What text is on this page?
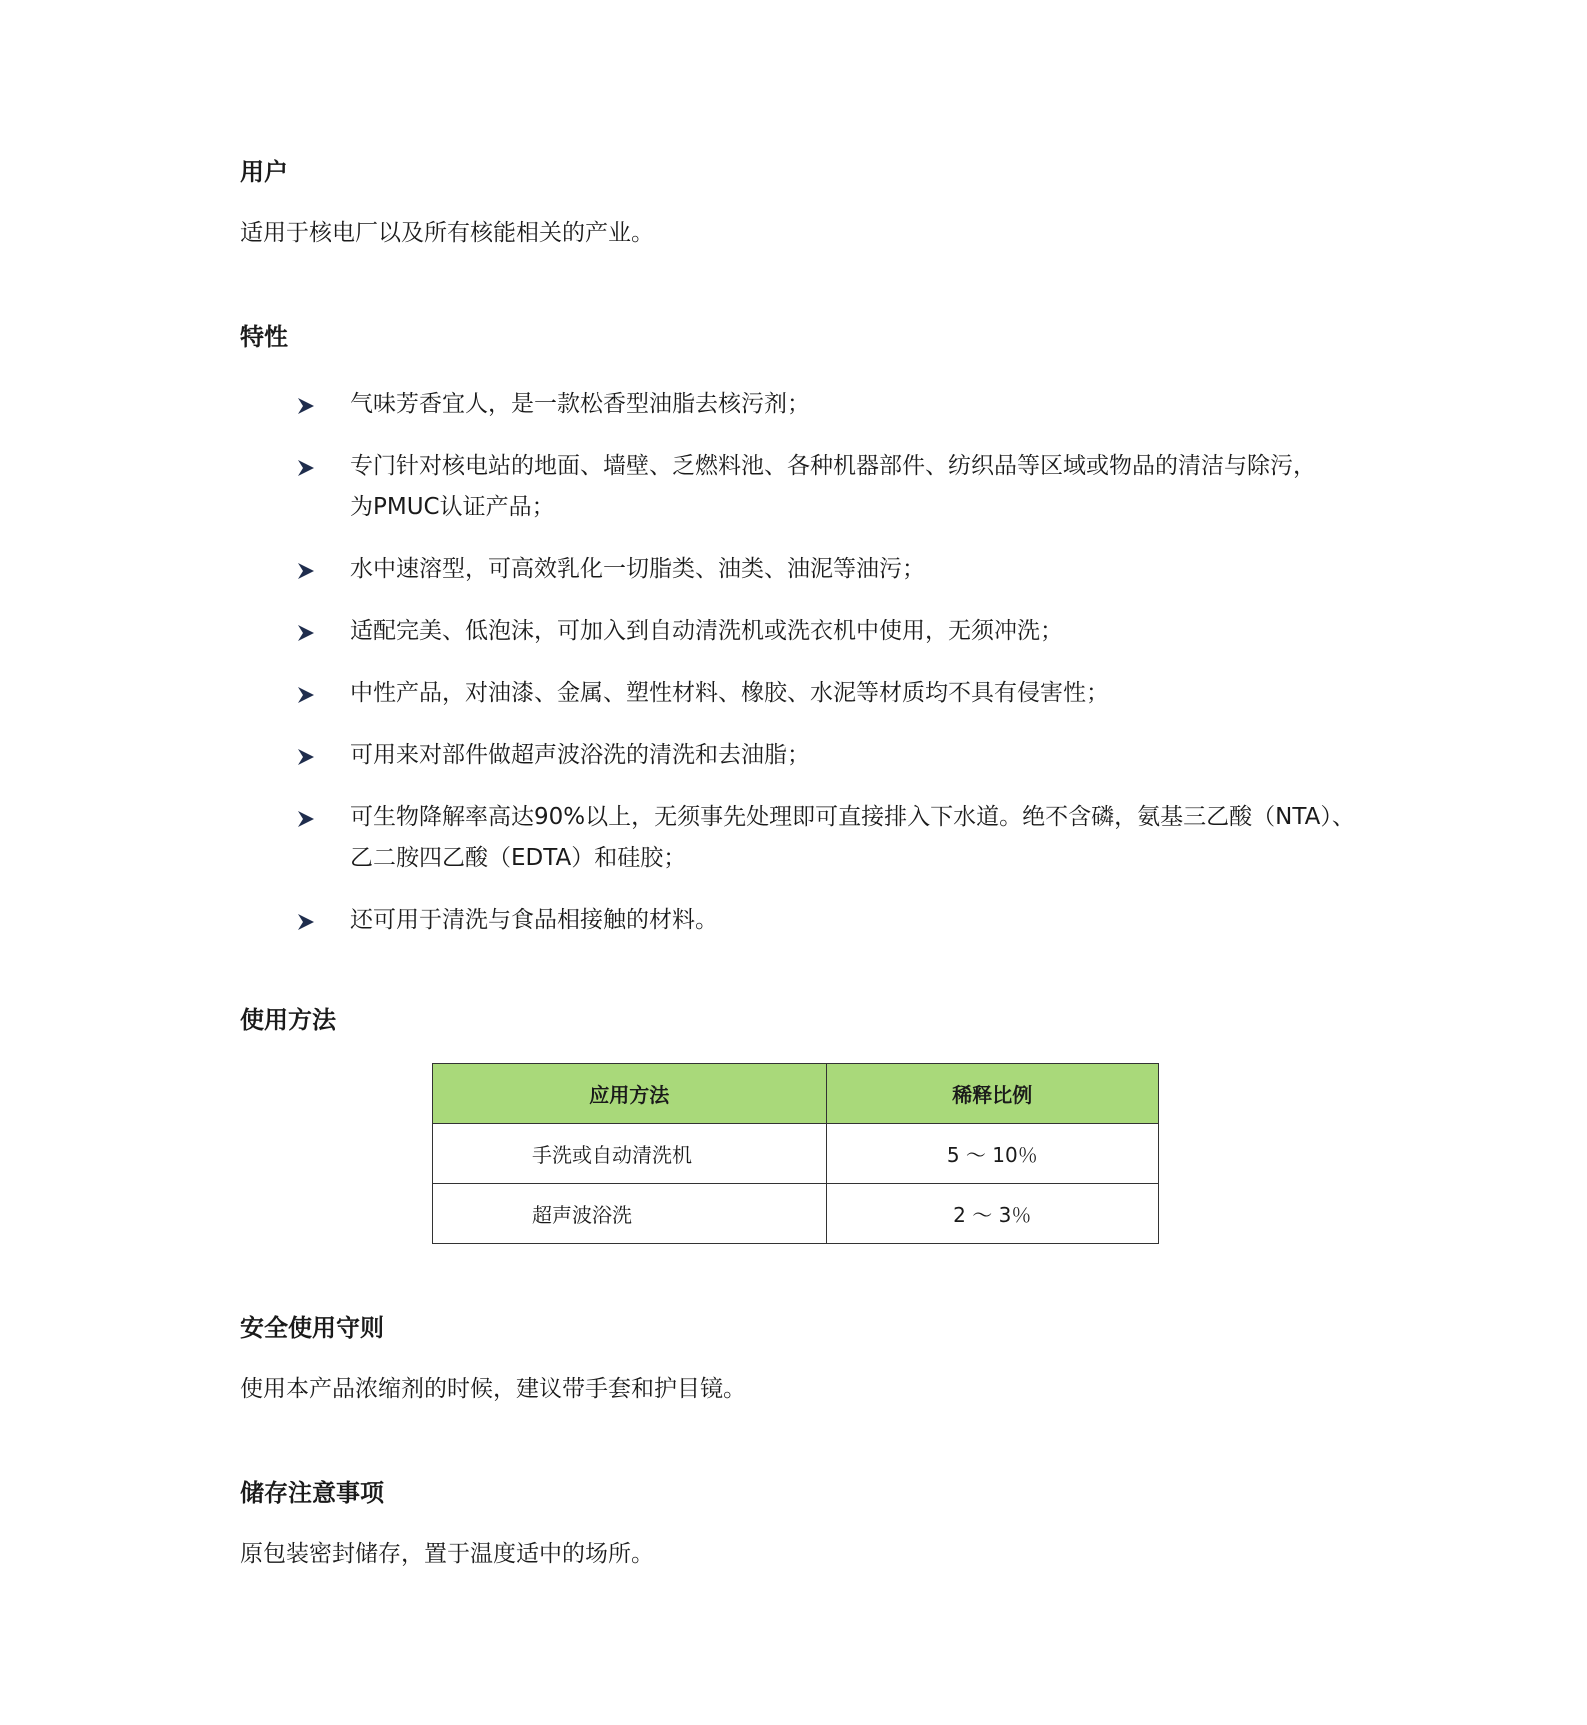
用户
适用于核电厂以及所有核能相关的产业。
特性
气味芳香宜人，是一款松香型油脂去核污剂；
专门针对核电站的地面、墙壁、乏燃料池、各种机器部件、纺织品等区域或物品的清洁与除污，
为PMUC认证产品；
水中速溶型，可高效乳化一切脂类、油类、油泥等油污；
适配完美、低泡沫，可加入到自动清洗机或洗衣机中使用，无须冲洗；
中性产品，对油漆、金属、塑性材料、橡胶、水泥等材质均不具有侵害性；
可用来对部件做超声波浴洗的清洗和去油脂；
可生物降解率高达90%以上，无须事先处理即可直接排入下水道。绝不含磷，氨基三乙酸（NTA）、
乙二胺四乙酸（EDTA）和硅胶；
还可用于清洗与食品相接触的材料。
使用方法
应用方法	稀释比例
手洗或自动清洗机	5 ～ 10％
超声波浴洗	2 ～ 3％
安全使用守则
使用本产品浓缩剂的时候，建议带手套和护目镜。
储存注意事项
原包装密封储存，置于温度适中的场所。
